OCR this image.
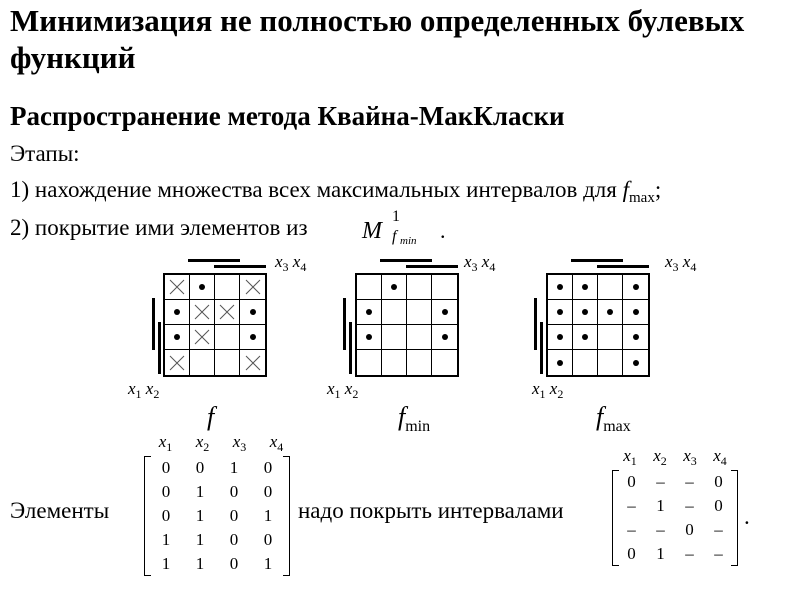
Минимизация не полностью определенных булевых функций
Распространение метода Квайна-МакКласки
Этапы:
1) нахождение множества всех максимальных интервалов для $f_{max}$;
2) покрытие ими элементов из M
1
f min .
$x_3$ $x_4$
$x_1$ $x_2$
f
$x_3$ $x_4$
$x_1$ $x_2$
$f_{min}$
$x_3$ $x_4$
$x_1$ $x_2$
$f_{max}$
Элементы
x1	x2	x3	x4
0	0	1	0
0	1	0	0
0	1	0	1
1	1	0	0
1	1	0	1
надо покрыть интервалами
x1 x2 x3 x4
0	–	–	0
–	1	–	0
–	–	0	–
0	1	–	–
.
